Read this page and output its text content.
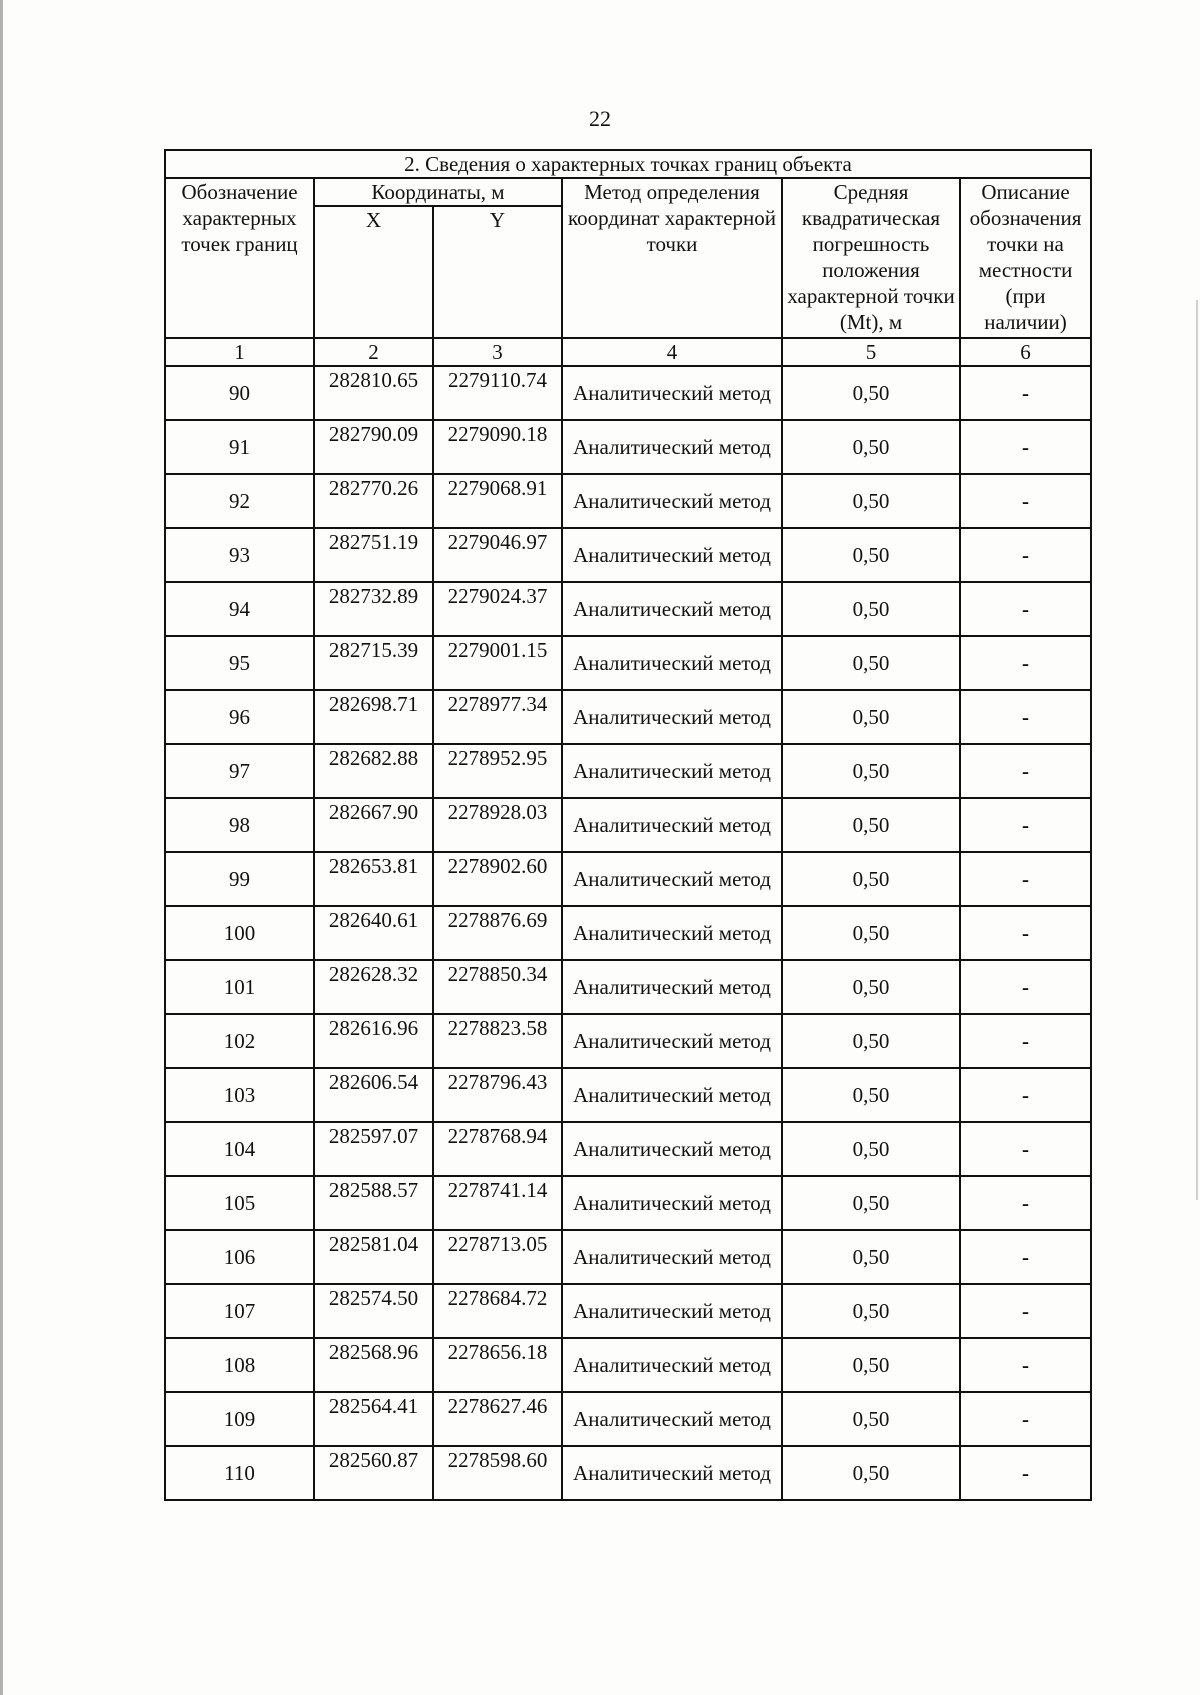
22
2. Сведения о характерных точках границ объекта					
Обозначение характерных точек границ	Координаты, м		Метод определения координат характерной точки	Средняя квадратическая погрешность положения характерной точки (Mt), м	Описание обозначения точки на местности (при наличии)
	X	Y			
1	2	3	4	5	6
90	282810.65	2279110.74	Аналитический метод	0,50	-
91	282790.09	2279090.18	Аналитический метод	0,50	-
92	282770.26	2279068.91	Аналитический метод	0,50	-
93	282751.19	2279046.97	Аналитический метод	0,50	-
94	282732.89	2279024.37	Аналитический метод	0,50	-
95	282715.39	2279001.15	Аналитический метод	0,50	-
96	282698.71	2278977.34	Аналитический метод	0,50	-
97	282682.88	2278952.95	Аналитический метод	0,50	-
98	282667.90	2278928.03	Аналитический метод	0,50	-
99	282653.81	2278902.60	Аналитический метод	0,50	-
100	282640.61	2278876.69	Аналитический метод	0,50	-
101	282628.32	2278850.34	Аналитический метод	0,50	-
102	282616.96	2278823.58	Аналитический метод	0,50	-
103	282606.54	2278796.43	Аналитический метод	0,50	-
104	282597.07	2278768.94	Аналитический метод	0,50	-
105	282588.57	2278741.14	Аналитический метод	0,50	-
106	282581.04	2278713.05	Аналитический метод	0,50	-
107	282574.50	2278684.72	Аналитический метод	0,50	-
108	282568.96	2278656.18	Аналитический метод	0,50	-
109	282564.41	2278627.46	Аналитический метод	0,50	-
110	282560.87	2278598.60	Аналитический метод	0,50	-
